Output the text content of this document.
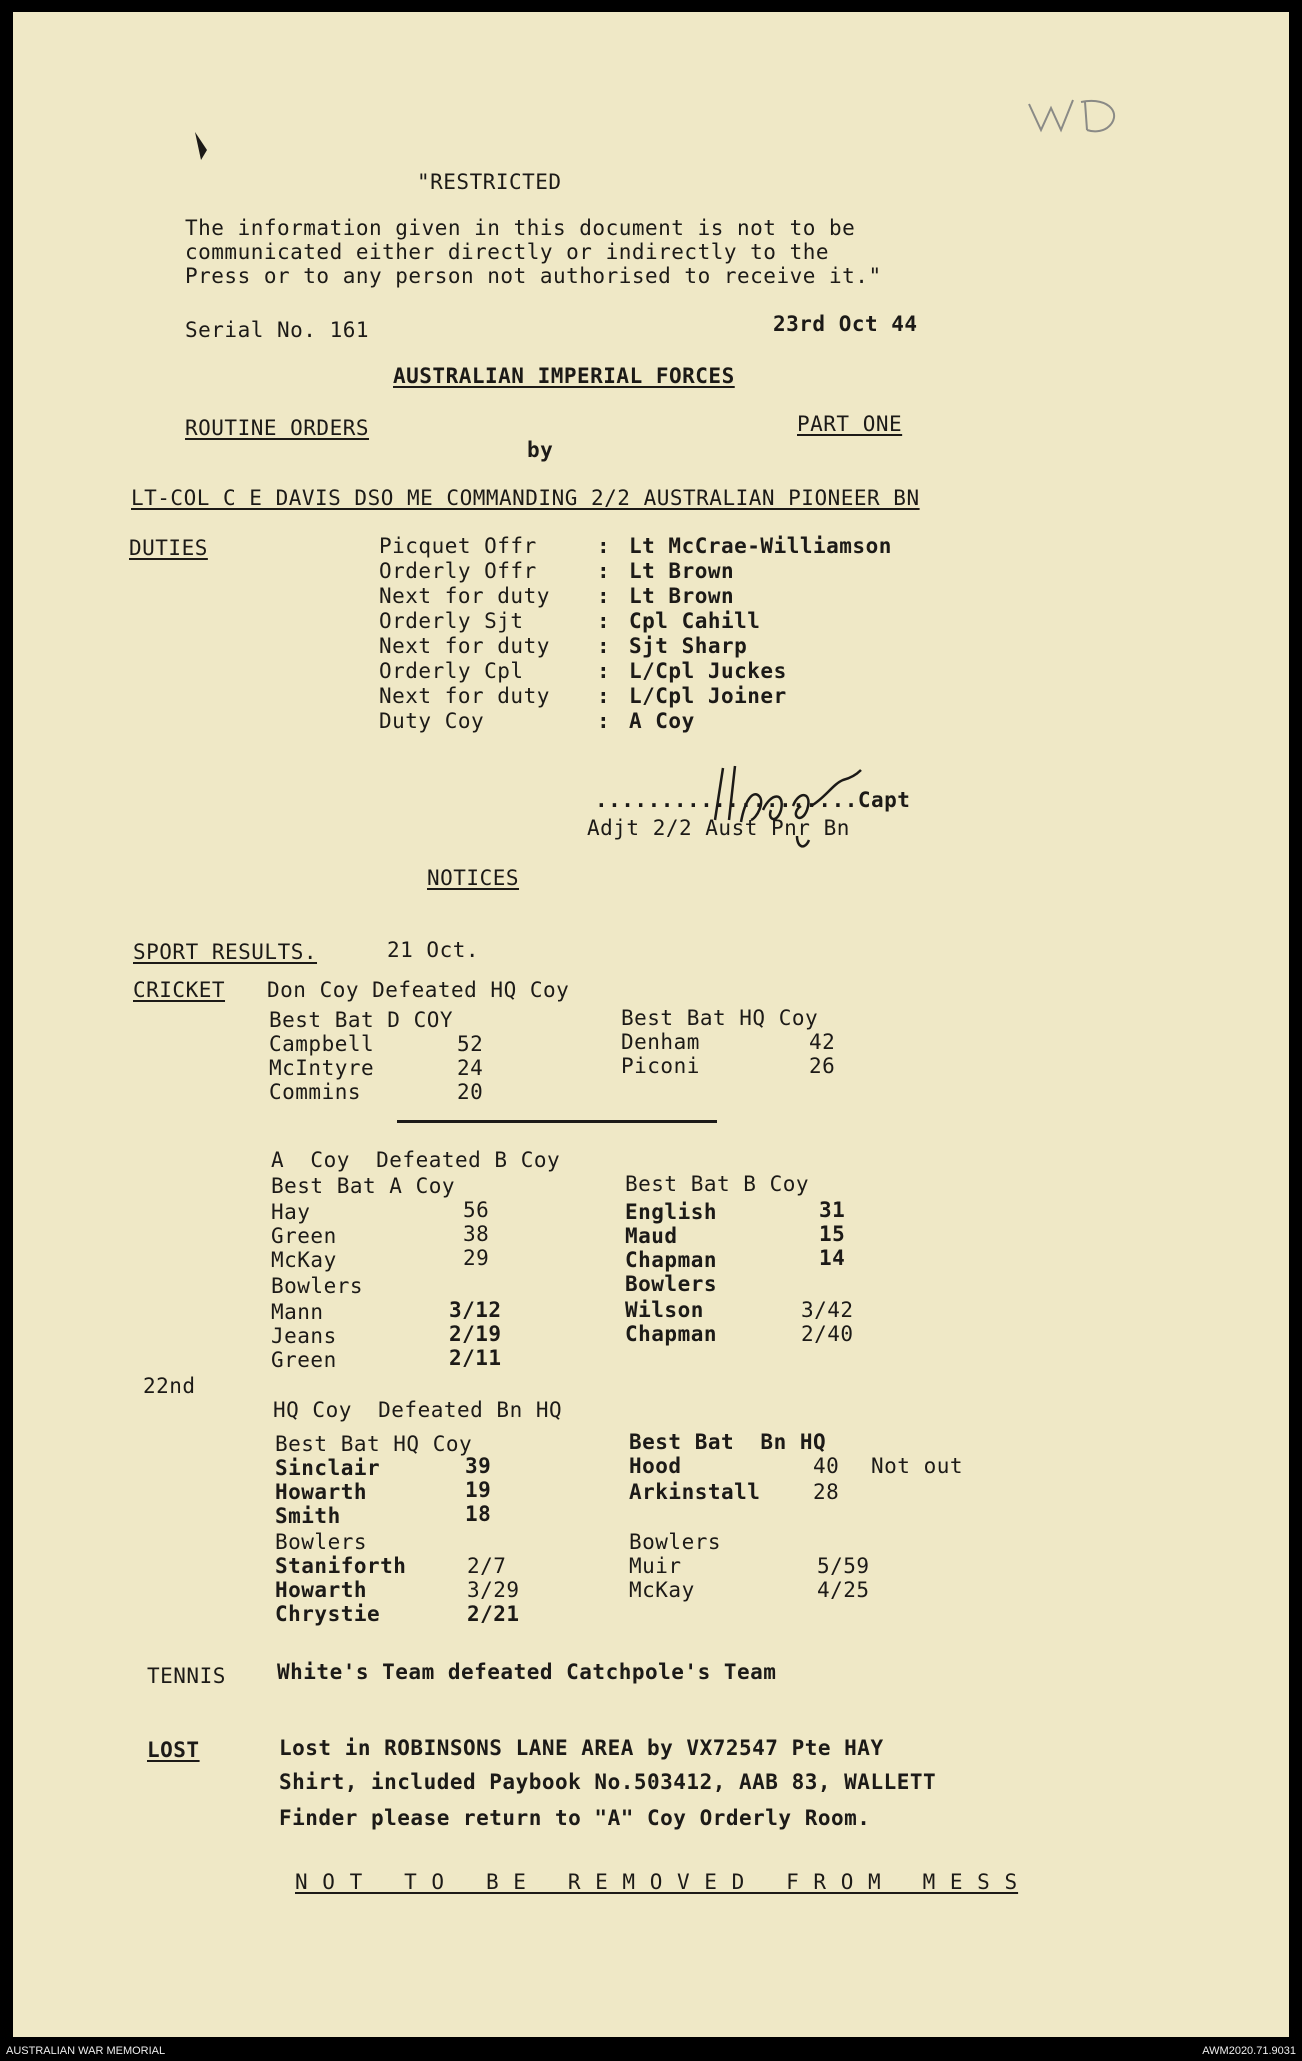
"RESTRICTED
The information given in this document is not to be
communicated either directly or indirectly to the
Press or to any person not authorised to receive it."
Serial No. 161	23rd Oct 44
AUSTRALIAN IMPERIAL FORCES
ROUTINE ORDERS	PART ONE
by
LT-COL C E DAVIS DSO ME COMMANDING 2/2 AUSTRALIAN PIONEER BN
DUTIES	Picquet Offr	: Lt McCrae-Williamson
Orderly Offr	: Lt Brown
Next for duty : Lt Brown
Orderly Sjt	: Cpl Cahill
Next for duty : Sjt Sharp
Orderly Cpl	: L/Cpl Juckes
Next for duty : L/Cpl Joiner
Duty Coy	: A Coy
....................Capt
Adjt 2/2 Aust Pnr Bn
NOTICES
SPORT RESULTS.	21 Oct.
CRICKET Don Coy Defeated HQ Coy
Best Bat D COY
Campbell	52
McIntyre	24
Commins	20
Best Bat HQ Coy
Denham	42
Piconi	26
A  Coy  Defeated B Coy
Best Bat A Coy
Hay	56
Green	38
McKay	29
Bowlers
Mann	3/12
Jeans	2/19
Green	2/11
Best Bat B Coy
English	31
Maud	15
Chapman	14
Bowlers
Wilson	3/42
Chapman	2/40
22nd
HQ Coy  Defeated Bn HQ
Best Bat HQ Coy
Sinclair	39
Howarth	19
Smith	18
Bowlers
Staniforth	2/7
Howarth	3/29
Chrystie	2/21
Best Bat  Bn HQ
Hood	40 Not out
Arkinstall	28
Bowlers
Muir	5/59
McKay	4/25
TENNIS White's Team defeated Catchpole's Team
LOST	Lost in ROBINSONS LANE AREA by VX72547 Pte HAY
Shirt, included Paybook No.503412, AAB 83, WALLETT
Finder please return to "A" Coy Orderly Room.
N O T   T O   B E   R E M O V E D   F R O M   M E S S
AUSTRALIAN WAR MEMORIAL	AWM2020.71.9031
